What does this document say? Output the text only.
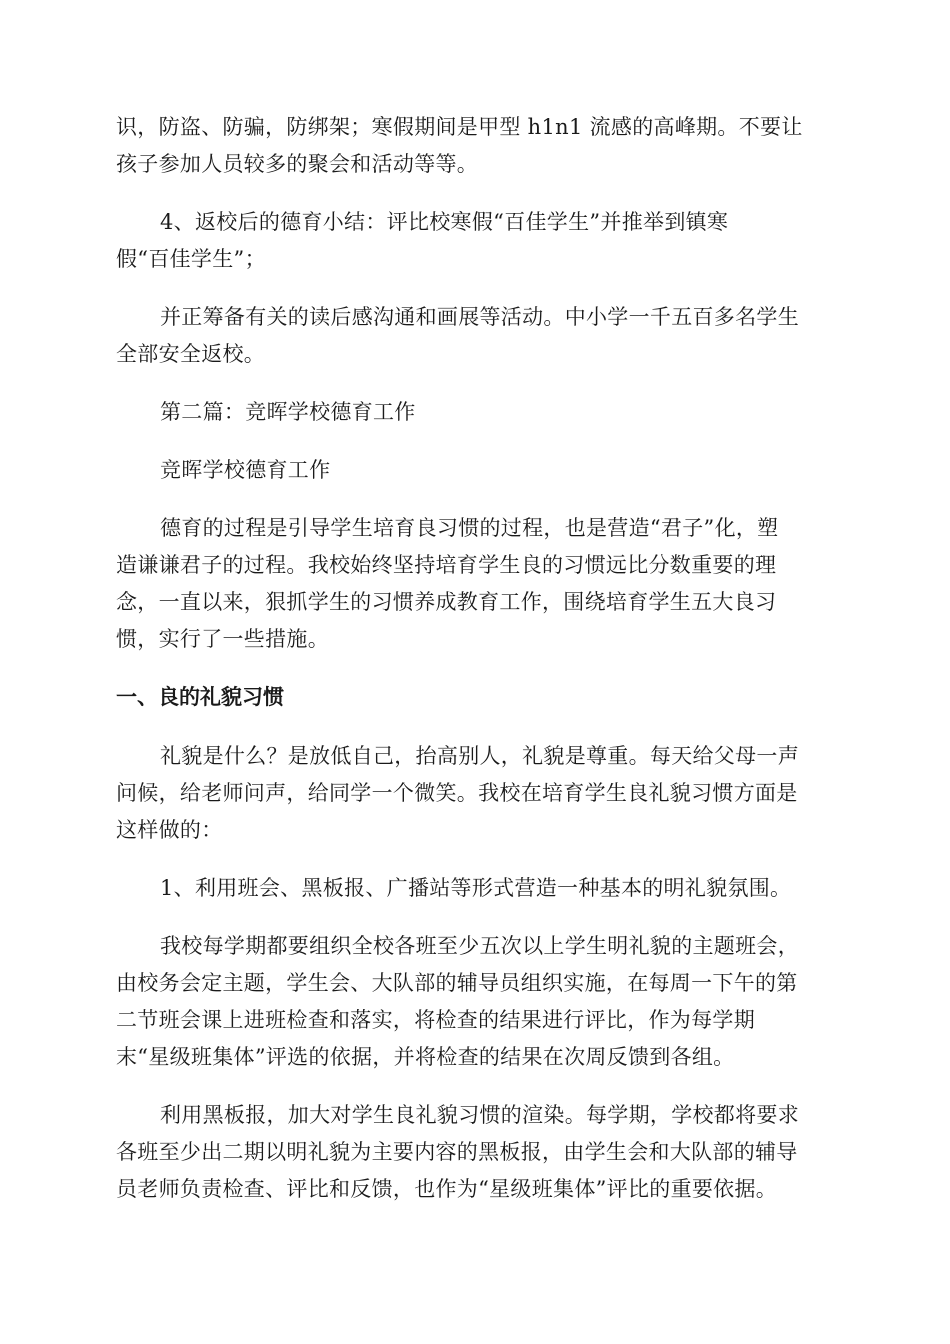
识，防盗、防骗，防绑架；寒假期间是甲型 h1n1 流感的高峰期。不要让
孩子参加人员较多的聚会和活动等等。

4、返校后的德育小结：评比校寒假“百佳学生”并推举到镇寒
假“百佳学生”；

并正筹备有关的读后感沟通和画展等活动。中小学一千五百多名学生
全部安全返校。

第二篇：竞晖学校德育工作

竞晖学校德育工作

德育的过程是引导学生培育良习惯的过程，也是营造“君子”化，塑
造谦谦君子的过程。我校始终坚持培育学生良的习惯远比分数重要的理
念，一直以来，狠抓学生的习惯养成教育工作，围绕培育学生五大良习
惯，实行了一些措施。

一、良的礼貌习惯

礼貌是什么？是放低自己，抬高别人，礼貌是尊重。每天给父母一声
问候，给老师问声，给同学一个微笑。我校在培育学生良礼貌习惯方面是
这样做的：

1、利用班会、黑板报、广播站等形式营造一种基本的明礼貌氛围。

我校每学期都要组织全校各班至少五次以上学生明礼貌的主题班会，
由校务会定主题，学生会、大队部的辅导员组织实施，在每周一下午的第
二节班会课上进班检查和落实，将检查的结果进行评比，作为每学期
末“星级班集体”评选的依据，并将检查的结果在次周反馈到各组。

利用黑板报，加大对学生良礼貌习惯的渲染。每学期，学校都将要求
各班至少出二期以明礼貌为主要内容的黑板报，由学生会和大队部的辅导
员老师负责检查、评比和反馈，也作为“星级班集体”评比的重要依据。
